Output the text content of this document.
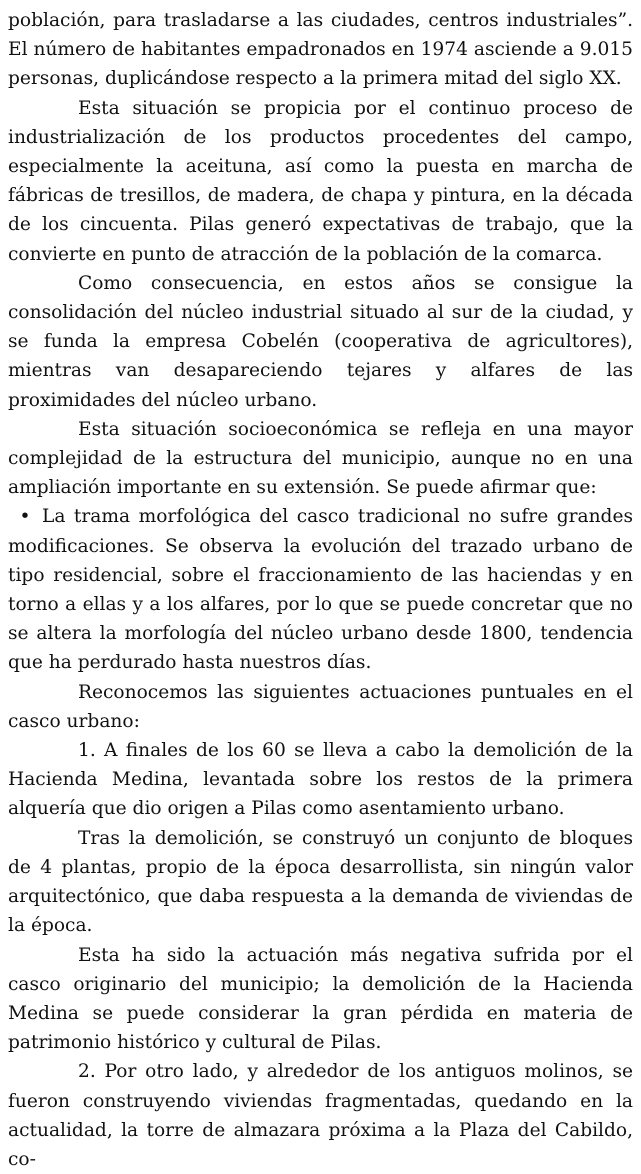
población, para trasladarse a las ciudades, centros industriales”. El número de habitantes empadronados en 1974 asciende a 9.015 personas, duplicándose respecto a la primera mitad del siglo XX.

Esta situación se propicia por el continuo proceso de industrialización de los productos procedentes del campo, especialmente la aceituna, así como la puesta en marcha de fábricas de tresillos, de madera, de chapa y pintura, en la década de los cincuenta. Pilas generó expectativas de trabajo, que la convierte en punto de atracción de la población de la comarca.

Como consecuencia, en estos años se consigue la consolidación del núcleo industrial situado al sur de la ciudad, y se funda la empresa Cobelén (cooperativa de agricultores), mientras van desapareciendo tejares y alfares de las proximidades del núcleo urbano.

Esta situación socioeconómica se refleja en una mayor complejidad de la estructura del municipio, aunque no en una ampliación importante en su extensión. Se puede afirmar que:

• La trama morfológica del casco tradicional no sufre grandes modificaciones. Se observa la evolución del trazado urbano de tipo residencial, sobre el fraccionamiento de las haciendas y en torno a ellas y a los alfares, por lo que se puede concretar que no se altera la morfología del núcleo urbano desde 1800, tendencia que ha perdurado hasta nuestros días.

Reconocemos las siguientes actuaciones puntuales en el casco urbano:

1. A finales de los 60 se lleva a cabo la demolición de la Hacienda Medina, levantada sobre los restos de la primera alquería que dio origen a Pilas como asentamiento urbano.

Tras la demolición, se construyó un conjunto de bloques de 4 plantas, propio de la época desarrollista, sin ningún valor arquitectónico, que daba respuesta a la demanda de viviendas de la época.

Esta ha sido la actuación más negativa sufrida por el casco originario del municipio; la demolición de la Hacienda Medina se puede considerar la gran pérdida en materia de patrimonio histórico y cultural de Pilas.

2. Por otro lado, y alrededor de los antiguos molinos, se fueron construyendo viviendas fragmentadas, quedando en la actualidad, la torre de almazara próxima a la Plaza del Cabildo, co-
